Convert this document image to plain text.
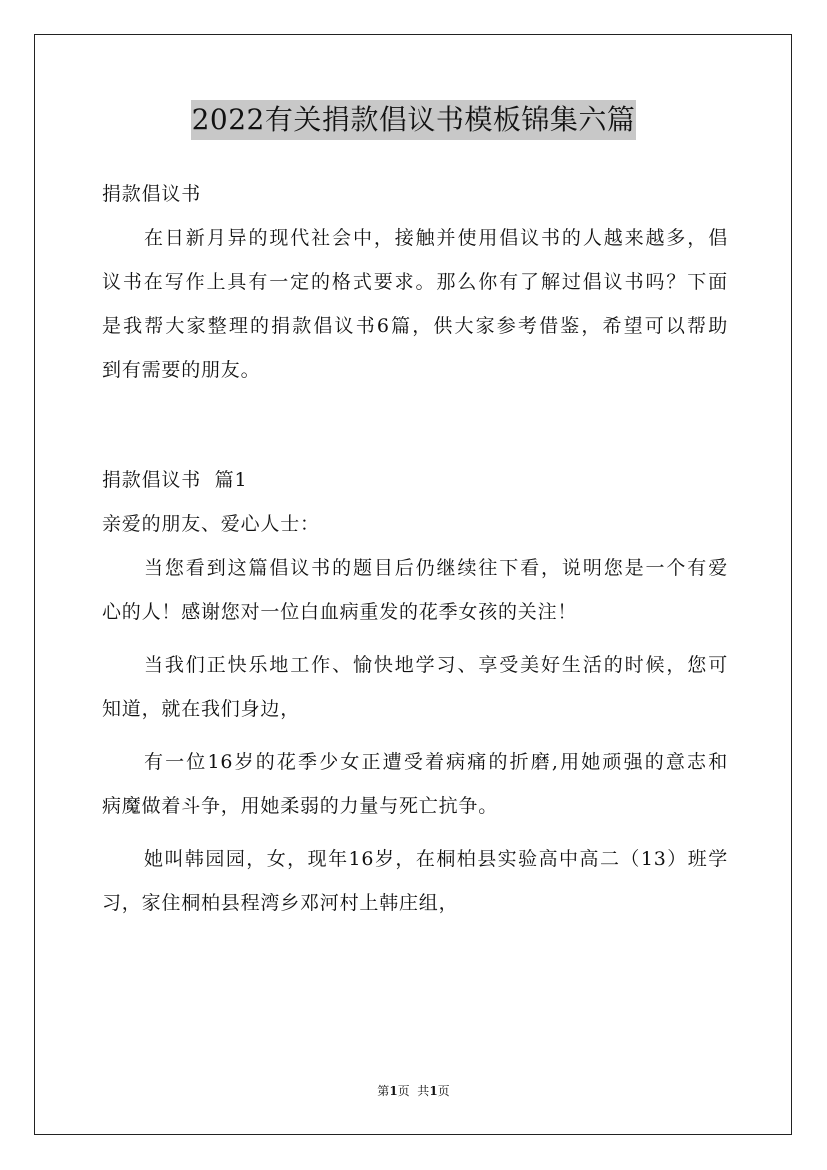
2022有关捐款倡议书模板锦集六篇
捐款倡议书
在日新月异的现代社会中，接触并使用倡议书的人越来越多，倡
议书在写作上具有一定的格式要求。那么你有了解过倡议书吗？下面
是我帮大家整理的捐款倡议书6篇，供大家参考借鉴，希望可以帮助
到有需要的朋友。
捐款倡议书  篇1
亲爱的朋友、爱心人士：
当您看到这篇倡议书的题目后仍继续往下看，说明您是一个有爱
心的人！感谢您对一位白血病重发的花季女孩的关注！
当我们正快乐地工作、愉快地学习、享受美好生活的时候，您可
知道，就在我们身边，
有一位16岁的花季少女正遭受着病痛的折磨,用她顽强的意志和
病魔做着斗争，用她柔弱的力量与死亡抗争。
她叫韩园园，女，现年16岁，在桐柏县实验高中高二（13）班学
习，家住桐柏县程湾乡邓河村上韩庄组，
第1页  共1页
